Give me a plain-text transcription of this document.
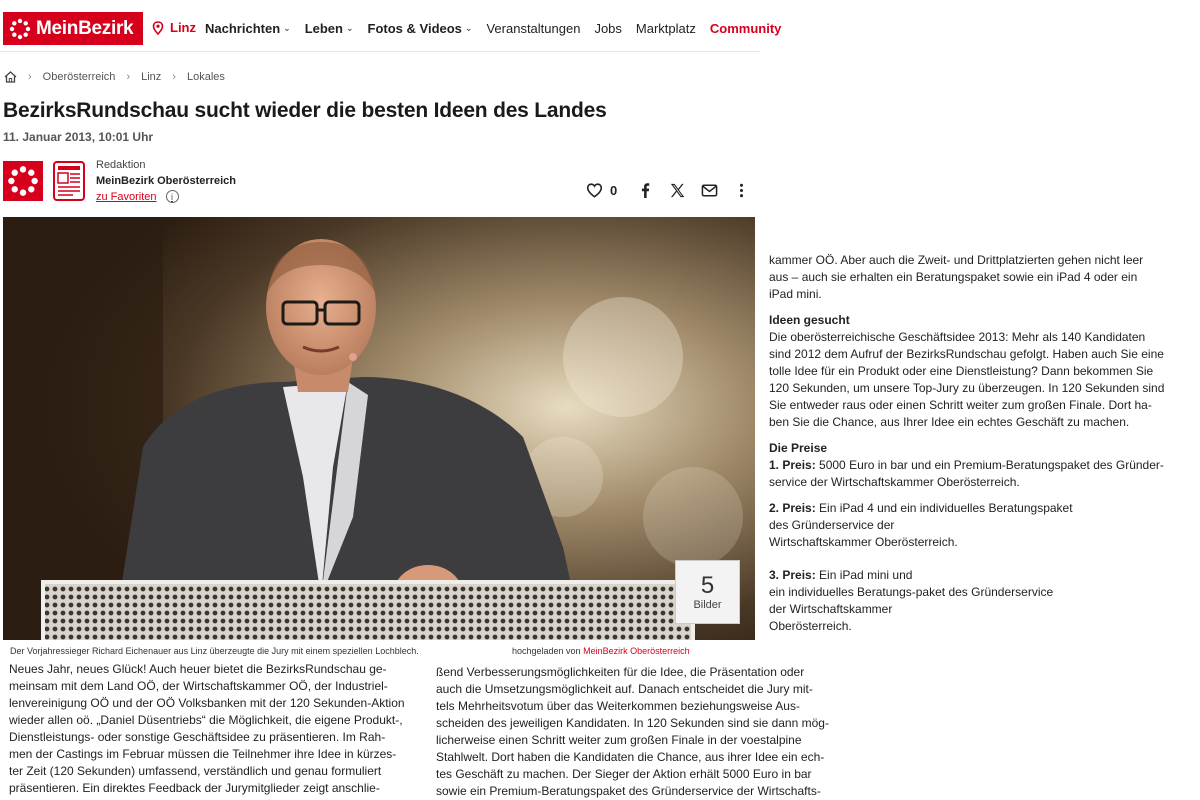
MeinBezirk	Linz Nachrichten ⌄ Leben ⌄ Fotos & Videos ⌄ Veranstaltungen Jobs Marktplatz Community
› Oberösterreich › Linz › Lokales
BezirksRundschau sucht wieder die besten Ideen des Landes
11. Januar 2013, 10:01 Uhr
Redaktion
MeinBezirk Oberösterreich
zu Favoriten	i	0
5
Bilder
Der Vorjahressieger Richard Eichenauer aus Linz überzeugte die Jury mit einem speziellen Lochblech.	hochgeladen von MeinBezirk Oberösterreich
Neues Jahr, neues Glück! Auch heuer bietet die BezirksRundschau ge-
meinsam mit dem Land OÖ, der Wirtschaftskammer OÖ, der Industriel-
lenvereinigung OÖ und der OÖ Volksbanken mit der 120 Sekunden-Aktion
wieder allen oö. „Daniel Düsentriebs“ die Möglichkeit, die eigene Produkt-,
Dienstleistungs- oder sonstige Geschäftsidee zu präsentieren. Im Rah-
men der Castings im Februar müssen die Teilnehmer ihre Idee in kürzes-
ter Zeit (120 Sekunden) umfassend, verständlich und genau formuliert
präsentieren. Ein direktes Feedback der Jurymitglieder zeigt anschlie-
ßend Verbesserungsmöglichkeiten für die Idee, die Präsentation oder
auch die Umsetzungsmöglichkeit auf. Danach entscheidet die Jury mit-
tels Mehrheitsvotum über das Weiterkommen beziehungsweise Aus-
scheiden des jeweiligen Kandidaten. In 120 Sekunden sind sie dann mög-
licherweise einen Schritt weiter zum großen Finale in der voestalpine
Stahlwelt. Dort haben die Kandidaten die Chance, aus ihrer Idee ein ech-
tes Geschäft zu machen. Der Sieger der Aktion erhält 5000 Euro in bar
sowie ein Premium-Beratungspaket des Gründerservice der Wirtschafts-

kammer OÖ. Aber auch die Zweit- und Drittplatzierten gehen nicht leer
aus – auch sie erhalten ein Beratungspaket sowie ein iPad 4 oder ein
iPad mini.

Ideen gesucht

Die oberösterreichische Geschäftsidee 2013: Mehr als 140 Kandidaten
sind 2012 dem Aufruf der BezirksRundschau gefolgt. Haben auch Sie eine
tolle Idee für ein Produkt oder eine Dienstleistung? Dann bekommen Sie
120 Sekunden, um unsere Top-Jury zu überzeugen. In 120 Sekunden sind
Sie entweder raus oder einen Schritt weiter zum großen Finale. Dort ha-
ben Sie die Chance, aus Ihrer Idee ein echtes Geschäft zu machen.

Die Preise

1. Preis: 5000 Euro in bar und ein Premium-Beratungspaket des Gründer-
service der Wirtschaftskammer Oberösterreich.

2. Preis: Ein iPad 4 und ein individuelles Beratungspaket
des Gründerservice der
Wirtschaftskammer Oberösterreich.

3. Preis: Ein iPad mini und
ein individuelles Beratungs-paket des Gründerservice
der Wirtschaftskammer
Oberösterreich.
